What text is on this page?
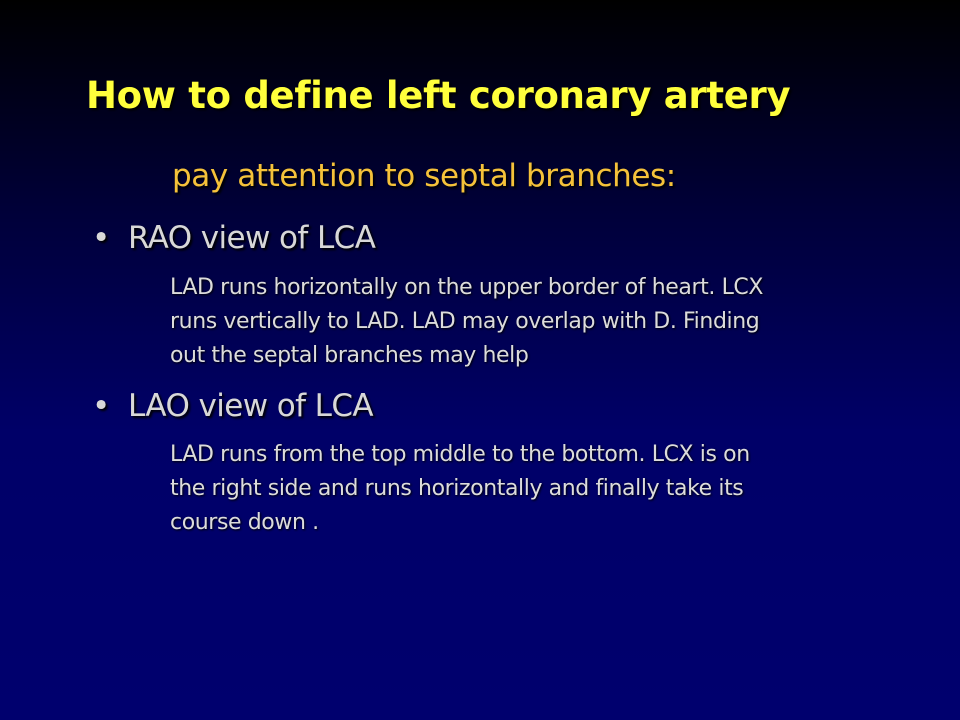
How to define left coronary artery
pay attention to septal branches:
• RAO view of LCA
LAD runs horizontally on the upper border of heart. LCX
runs vertically to LAD. LAD may overlap with D. Finding
out the septal branches may help
• LAO view of LCA
LAD runs from the top middle to the bottom. LCX is on
the right side and runs horizontally and finally take its
course down .
